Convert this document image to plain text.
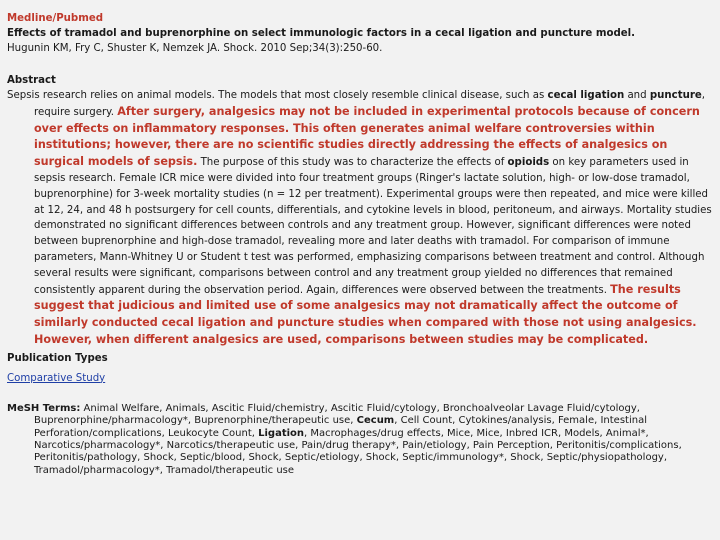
Medline/Pubmed
Effects of tramadol and buprenorphine on select immunologic factors in a cecal ligation and puncture model.
Hugunin KM, Fry C, Shuster K, Nemzek JA. Shock. 2010 Sep;34(3):250-60.
Abstract

Sepsis research relies on animal models. The models that most closely resemble clinical disease, such as cecal ligation and puncture, require surgery. After surgery, analgesics may not be included in experimental protocols because of concern over effects on inflammatory responses. This often generates animal welfare controversies within institutions; however, there are no scientific studies directly addressing the effects of analgesics on surgical models of sepsis. The purpose of this study was to characterize the effects of opioids on key parameters used in sepsis research. Female ICR mice were divided into four treatment groups (Ringer's lactate solution, high- or low-dose tramadol, buprenorphine) for 3-week mortality studies (n = 12 per treatment). Experimental groups were then repeated, and mice were killed at 12, 24, and 48 h postsurgery for cell counts, differentials, and cytokine levels in blood, peritoneum, and airways. Mortality studies demonstrated no significant differences between controls and any treatment group. However, significant differences were noted between buprenorphine and high-dose tramadol, revealing more and later deaths with tramadol. For comparison of immune parameters, Mann-Whitney U or Student t test was performed, emphasizing comparisons between treatment and control. Although several results were significant, comparisons between control and any treatment group yielded no differences that remained consistently apparent during the observation period. Again, differences were observed between the treatments. The results suggest that judicious and limited use of some analgesics may not dramatically affect the outcome of similarly conducted cecal ligation and puncture studies when compared with those not using analgesics. However, when different analgesics are used, comparisons between studies may be complicated.

Publication Types
Comparative Study
MeSH Terms: Animal Welfare, Animals, Ascitic Fluid/chemistry, Ascitic Fluid/cytology, Bronchoalveolar Lavage Fluid/cytology, Buprenorphine/pharmacology*, Buprenorphine/therapeutic use, Cecum, Cell Count, Cytokines/analysis, Female, Intestinal Perforation/complications, Leukocyte Count, Ligation, Macrophages/drug effects, Mice, Mice, Inbred ICR, Models, Animal*, Narcotics/pharmacology*, Narcotics/therapeutic use, Pain/drug therapy*, Pain/etiology, Pain Perception, Peritonitis/complications, Peritonitis/pathology, Shock, Septic/blood, Shock, Septic/etiology, Shock, Septic/immunology*, Shock, Septic/physiopathology, Tramadol/pharmacology*, Tramadol/therapeutic use
